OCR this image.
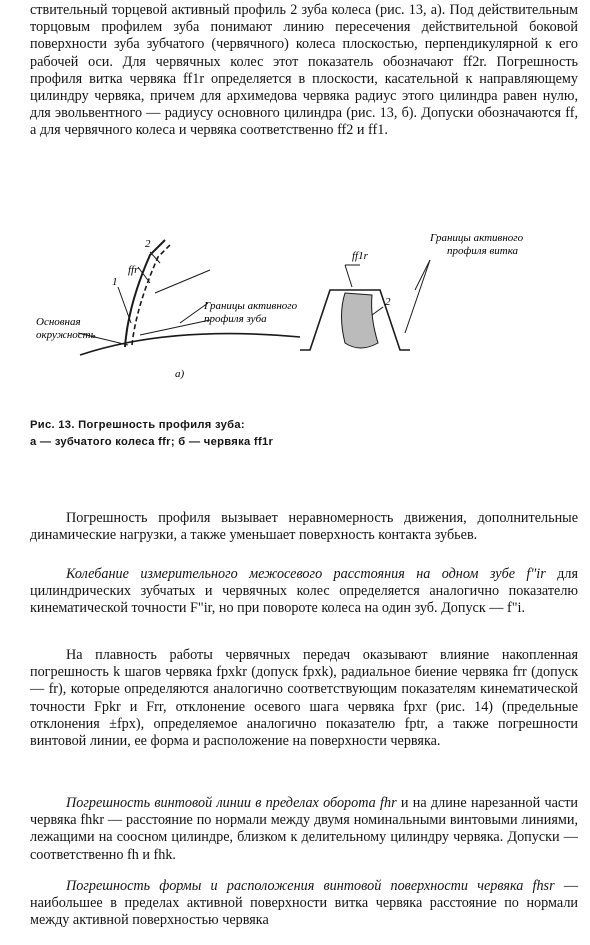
ствительный торцевой активный профиль 2 зуба колеса (рис. 13, а). Под действительным торцовым профилем зуба понимают линию пересечения действительной боковой поверхности зуба зубчатого (червячного) колеса плоскостью, перпендикулярной к его рабочей оси. Для червячных колес этот показатель обозначают ff2r. Погрешность профиля витка червяка ff1r определяется в плоскости, касательной к направляющему цилиндру червяка, причем для архимедова червяка радиус этого цилиндра равен нулю, для эвольвентного — радиусу основного цилиндра (рис. 13, б). Допуски обозначаются ff, а для червячного колеса и червяка соответственно ff2 и ff1.

1
2
ffr
Основная
окружность
Границы активного
профиля зуба
а)
ff1r
Границы активного
профиля витка
2
Рис. 13. Погрешность профиля зуба:
а — зубчатого колеса ffr; б — червяка ff1r

Погрешность профиля вызывает неравномерность движения, дополнительные динамические нагрузки, а также уменьшает поверхность контакта зубьев.

Колебание измерительного межосевого расстояния на одном зубе f"ir для цилиндрических зубчатых и червячных колес определяется аналогично показателю кинематической точности F"ir, но при повороте колеса на один зуб. Допуск — f"i.

На плавность работы червячных передач оказывают влияние накопленная погрешность k шагов червяка fpxkr (допуск fpxk), радиальное биение червяка frr (допуск — fr), которые определяются аналогично соответствующим показателям кинематической точности Fpkr и Frr, отклонение осевого шага червяка fpxr (рис. 14) (предельные отклонения ±fpx), определяемое аналогично показателю fptr, а также погрешности винтовой линии, ее форма и расположение на поверхности червяка.

Погрешность винтовой линии в пределах оборота fhr и на длине нарезанной части червяка fhkr — расстояние по нормали между двумя номинальными винтовыми линиями, лежащими на соосном цилиндре, близком к делительному цилиндру червяка. Допуски — соответственно fh и fhk.

Погрешность формы и расположения винтовой поверхности червяка fhsr — наибольшее в пределах активной поверхности витка червяка расстояние по нормали между активной поверхностью червяка
